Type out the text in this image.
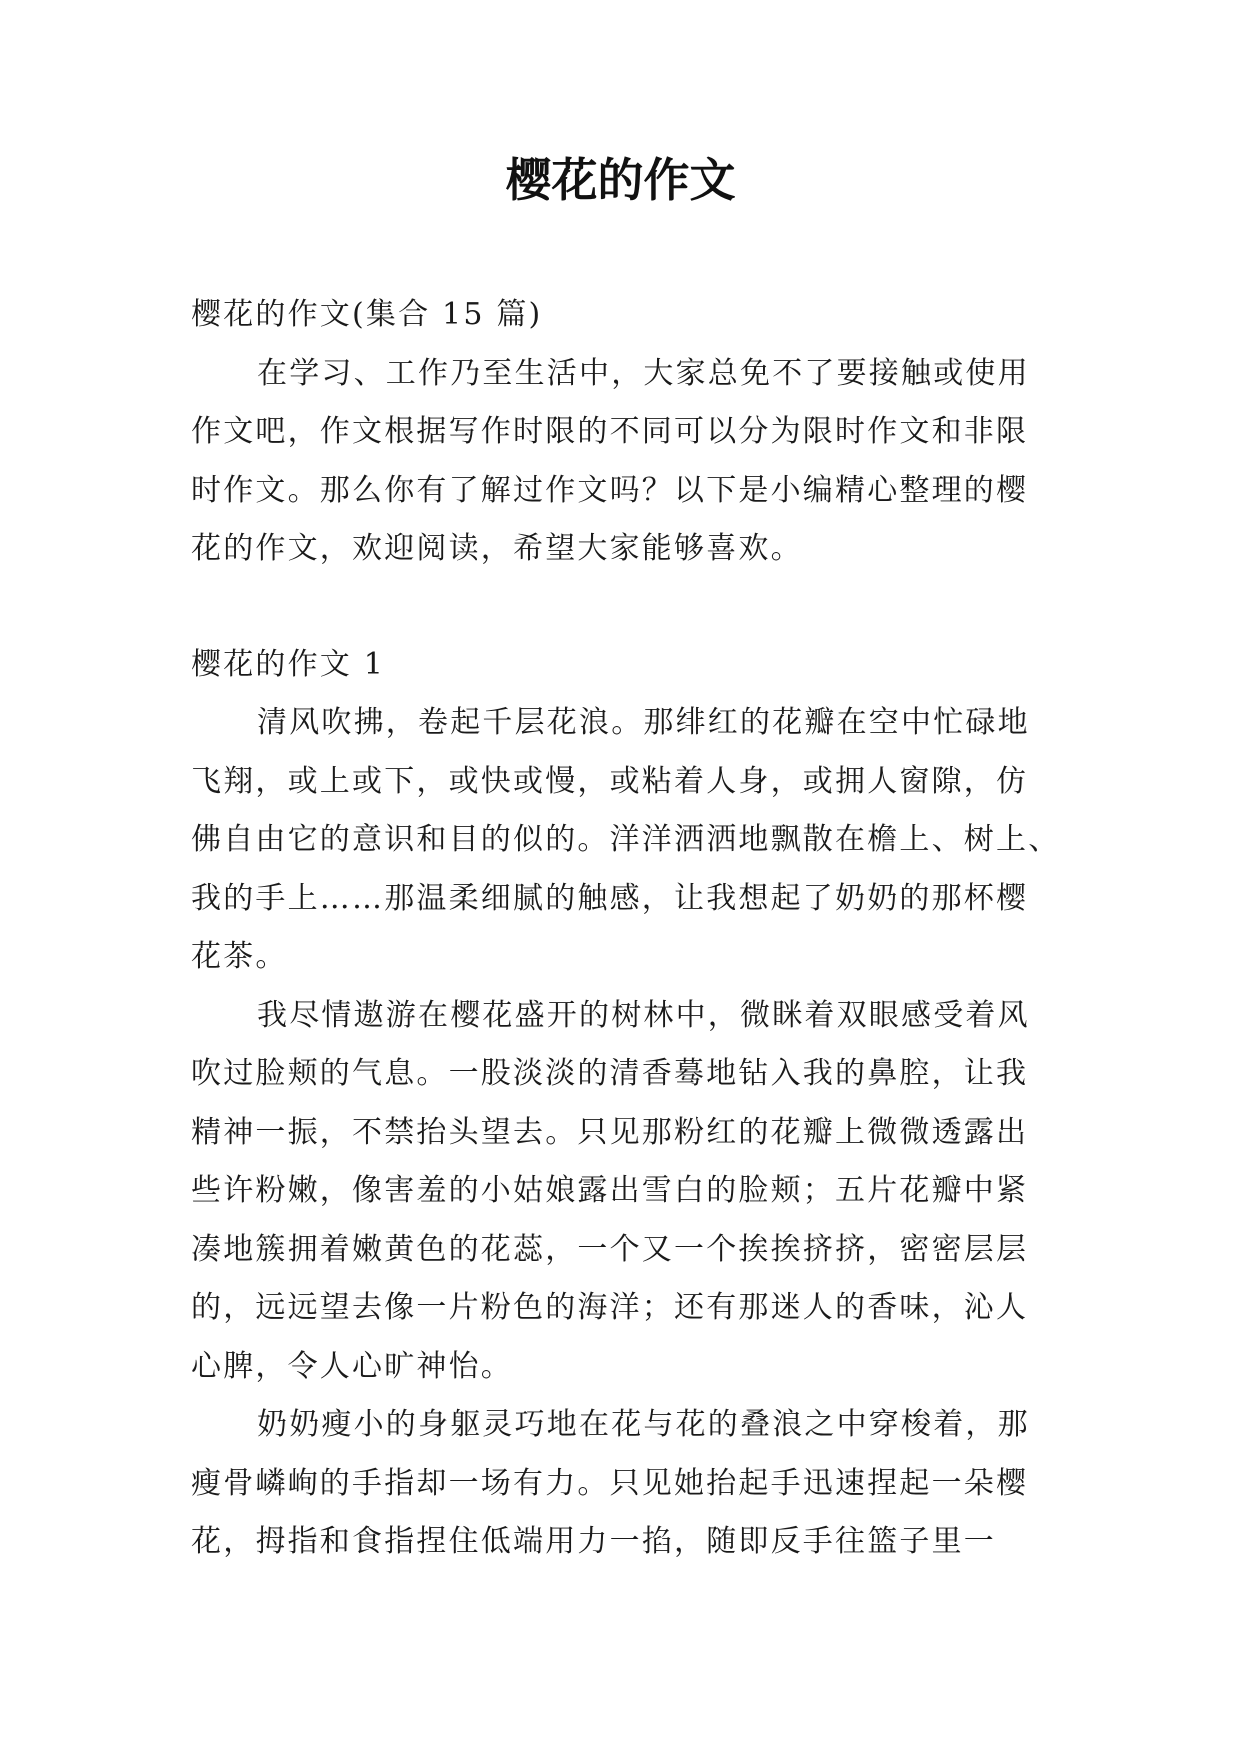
樱花的作文

樱花的作文(集合 15 篇)

在学习、工作乃至生活中，大家总免不了要接触或使用

作文吧，作文根据写作时限的不同可以分为限时作文和非限

时作文。那么你有了解过作文吗？以下是小编精心整理的樱

花的作文，欢迎阅读，希望大家能够喜欢。

樱花的作文 1

清风吹拂，卷起千层花浪。那绯红的花瓣在空中忙碌地

飞翔，或上或下，或快或慢，或粘着人身，或拥人窗隙，仿

佛自由它的意识和目的似的。洋洋洒洒地飘散在檐上、树上、

我的手上……那温柔细腻的触感，让我想起了奶奶的那杯樱

花茶。

我尽情遨游在樱花盛开的树林中，微眯着双眼感受着风

吹过脸颊的气息。一股淡淡的清香蓦地钻入我的鼻腔，让我

精神一振，不禁抬头望去。只见那粉红的花瓣上微微透露出

些许粉嫩，像害羞的小姑娘露出雪白的脸颊；五片花瓣中紧

凑地簇拥着嫩黄色的花蕊，一个又一个挨挨挤挤，密密层层

的，远远望去像一片粉色的海洋；还有那迷人的香味，沁人

心脾，令人心旷神怡。

奶奶瘦小的身躯灵巧地在花与花的叠浪之中穿梭着，那

瘦骨嶙峋的手指却一场有力。只见她抬起手迅速捏起一朵樱

花，拇指和食指捏住低端用力一掐，随即反手往篮子里一
